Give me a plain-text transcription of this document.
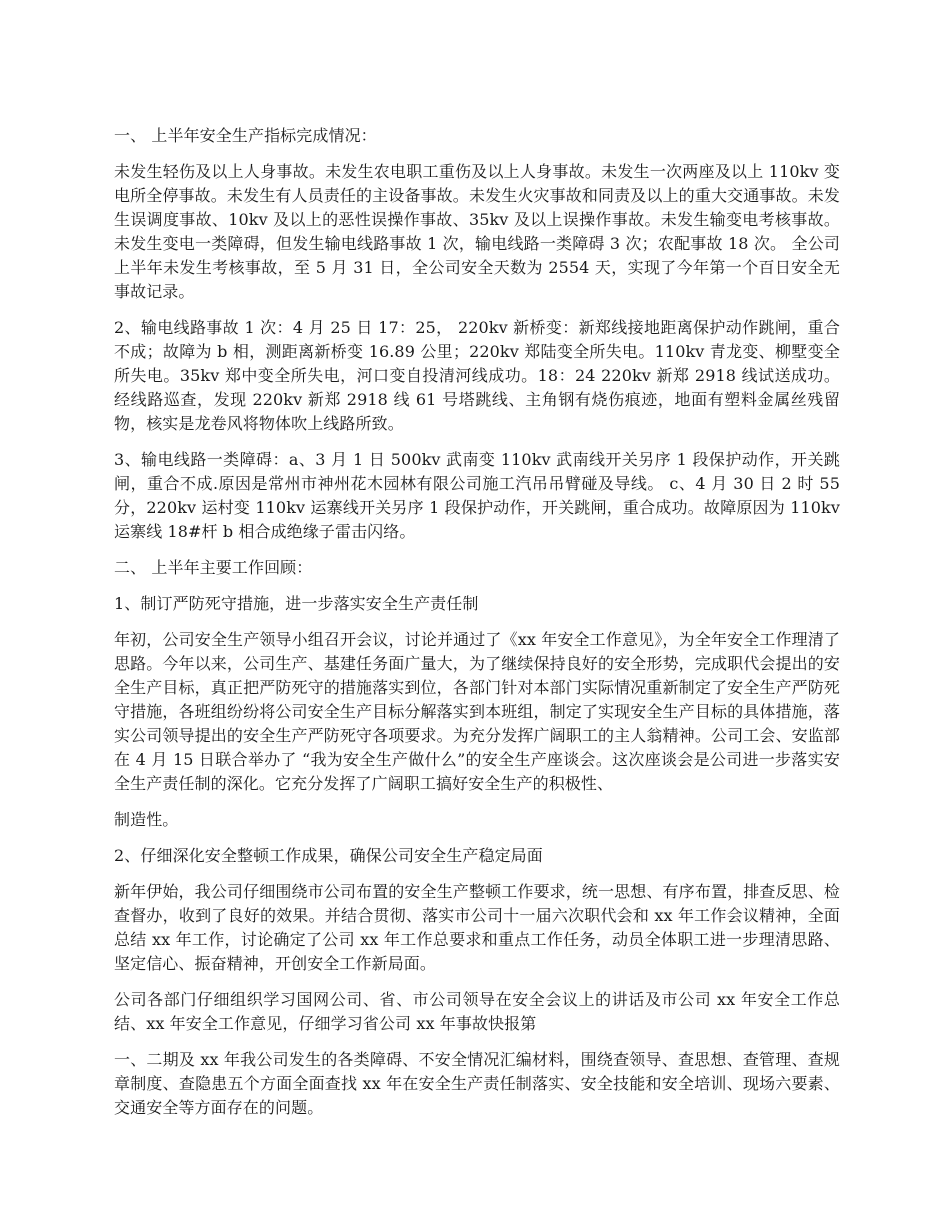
一、 上半年安全生产指标完成情况：

未发生轻伤及以上人身事故。未发生农电职工重伤及以上人身事故。未发生一次两座及以上 110kv 变电所全停事故。未发生有人员责任的主设备事故。未发生火灾事故和同责及以上的重大交通事故。未发生误调度事故、10kv 及以上的恶性误操作事故、35kv 及以上误操作事故。未发生输变电考核事故。未发生变电一类障碍，但发生输电线路事故 1 次，输电线路一类障碍 3 次；农配事故 18 次。 全公司上半年未发生考核事故，至 5 月 31 日，全公司安全天数为 2554 天，实现了今年第一个百日安全无事故记录。

2、输电线路事故 1 次：4 月 25 日 17：25， 220kv 新桥变：新郑线接地距离保护动作跳闸，重合不成；故障为 b 相，测距离新桥变 16.89 公里；220kv 郑陆变全所失电。110kv 青龙变、柳墅变全所失电。35kv 郑中变全所失电，河口变自投清河线成功。18：24 220kv 新郑 2918 线试送成功。经线路巡查，发现 220kv 新郑 2918 线 61 号塔跳线、主角钢有烧伤痕迹，地面有塑料金属丝残留物，核实是龙卷风将物体吹上线路所致。

3、输电线路一类障碍：a、3 月 1 日 500kv 武南变 110kv 武南线开关另序 1 段保护动作，开关跳闸，重合不成.原因是常州市神州花木园林有限公司施工汽吊吊臂碰及导线。 c、4 月 30 日 2 时 55 分，220kv 运村变 110kv 运寨线开关另序 1 段保护动作，开关跳闸，重合成功。故障原因为 110kv 运寨线 18#杆 b 相合成绝缘子雷击闪络。

二、 上半年主要工作回顾：

1、制订严防死守措施，进一步落实安全生产责任制

年初，公司安全生产领导小组召开会议，讨论并通过了《xx 年安全工作意见》，为全年安全工作理清了思路。今年以来，公司生产、基建任务面广量大，为了继续保持良好的安全形势，完成职代会提出的安全生产目标，真正把严防死守的措施落实到位，各部门针对本部门实际情况重新制定了安全生产严防死守措施，各班组纷纷将公司安全生产目标分解落实到本班组，制定了实现安全生产目标的具体措施，落实公司领导提出的安全生产严防死守各项要求。为充分发挥广阔职工的主人翁精神。公司工会、安监部在 4 月 15 日联合举办了 “我为安全生产做什么”的安全生产座谈会。这次座谈会是公司进一步落实安全生产责任制的深化。它充分发挥了广阔职工搞好安全生产的积极性、

制造性。

2、仔细深化安全整顿工作成果，确保公司安全生产稳定局面

新年伊始，我公司仔细围绕市公司布置的安全生产整顿工作要求，统一思想、有序布置，排查反思、检查督办，收到了良好的效果。并结合贯彻、落实市公司十一届六次职代会和 xx 年工作会议精神，全面总结 xx 年工作，讨论确定了公司 xx 年工作总要求和重点工作任务，动员全体职工进一步理清思路、坚定信心、振奋精神，开创安全工作新局面。

公司各部门仔细组织学习国网公司、省、市公司领导在安全会议上的讲话及市公司 xx 年安全工作总结、xx 年安全工作意见，仔细学习省公司 xx 年事故快报第

一、二期及 xx 年我公司发生的各类障碍、不安全情况汇编材料，围绕查领导、查思想、查管理、查规章制度、查隐患五个方面全面查找 xx 年在安全生产责任制落实、安全技能和安全培训、现场六要素、交通安全等方面存在的问题。
